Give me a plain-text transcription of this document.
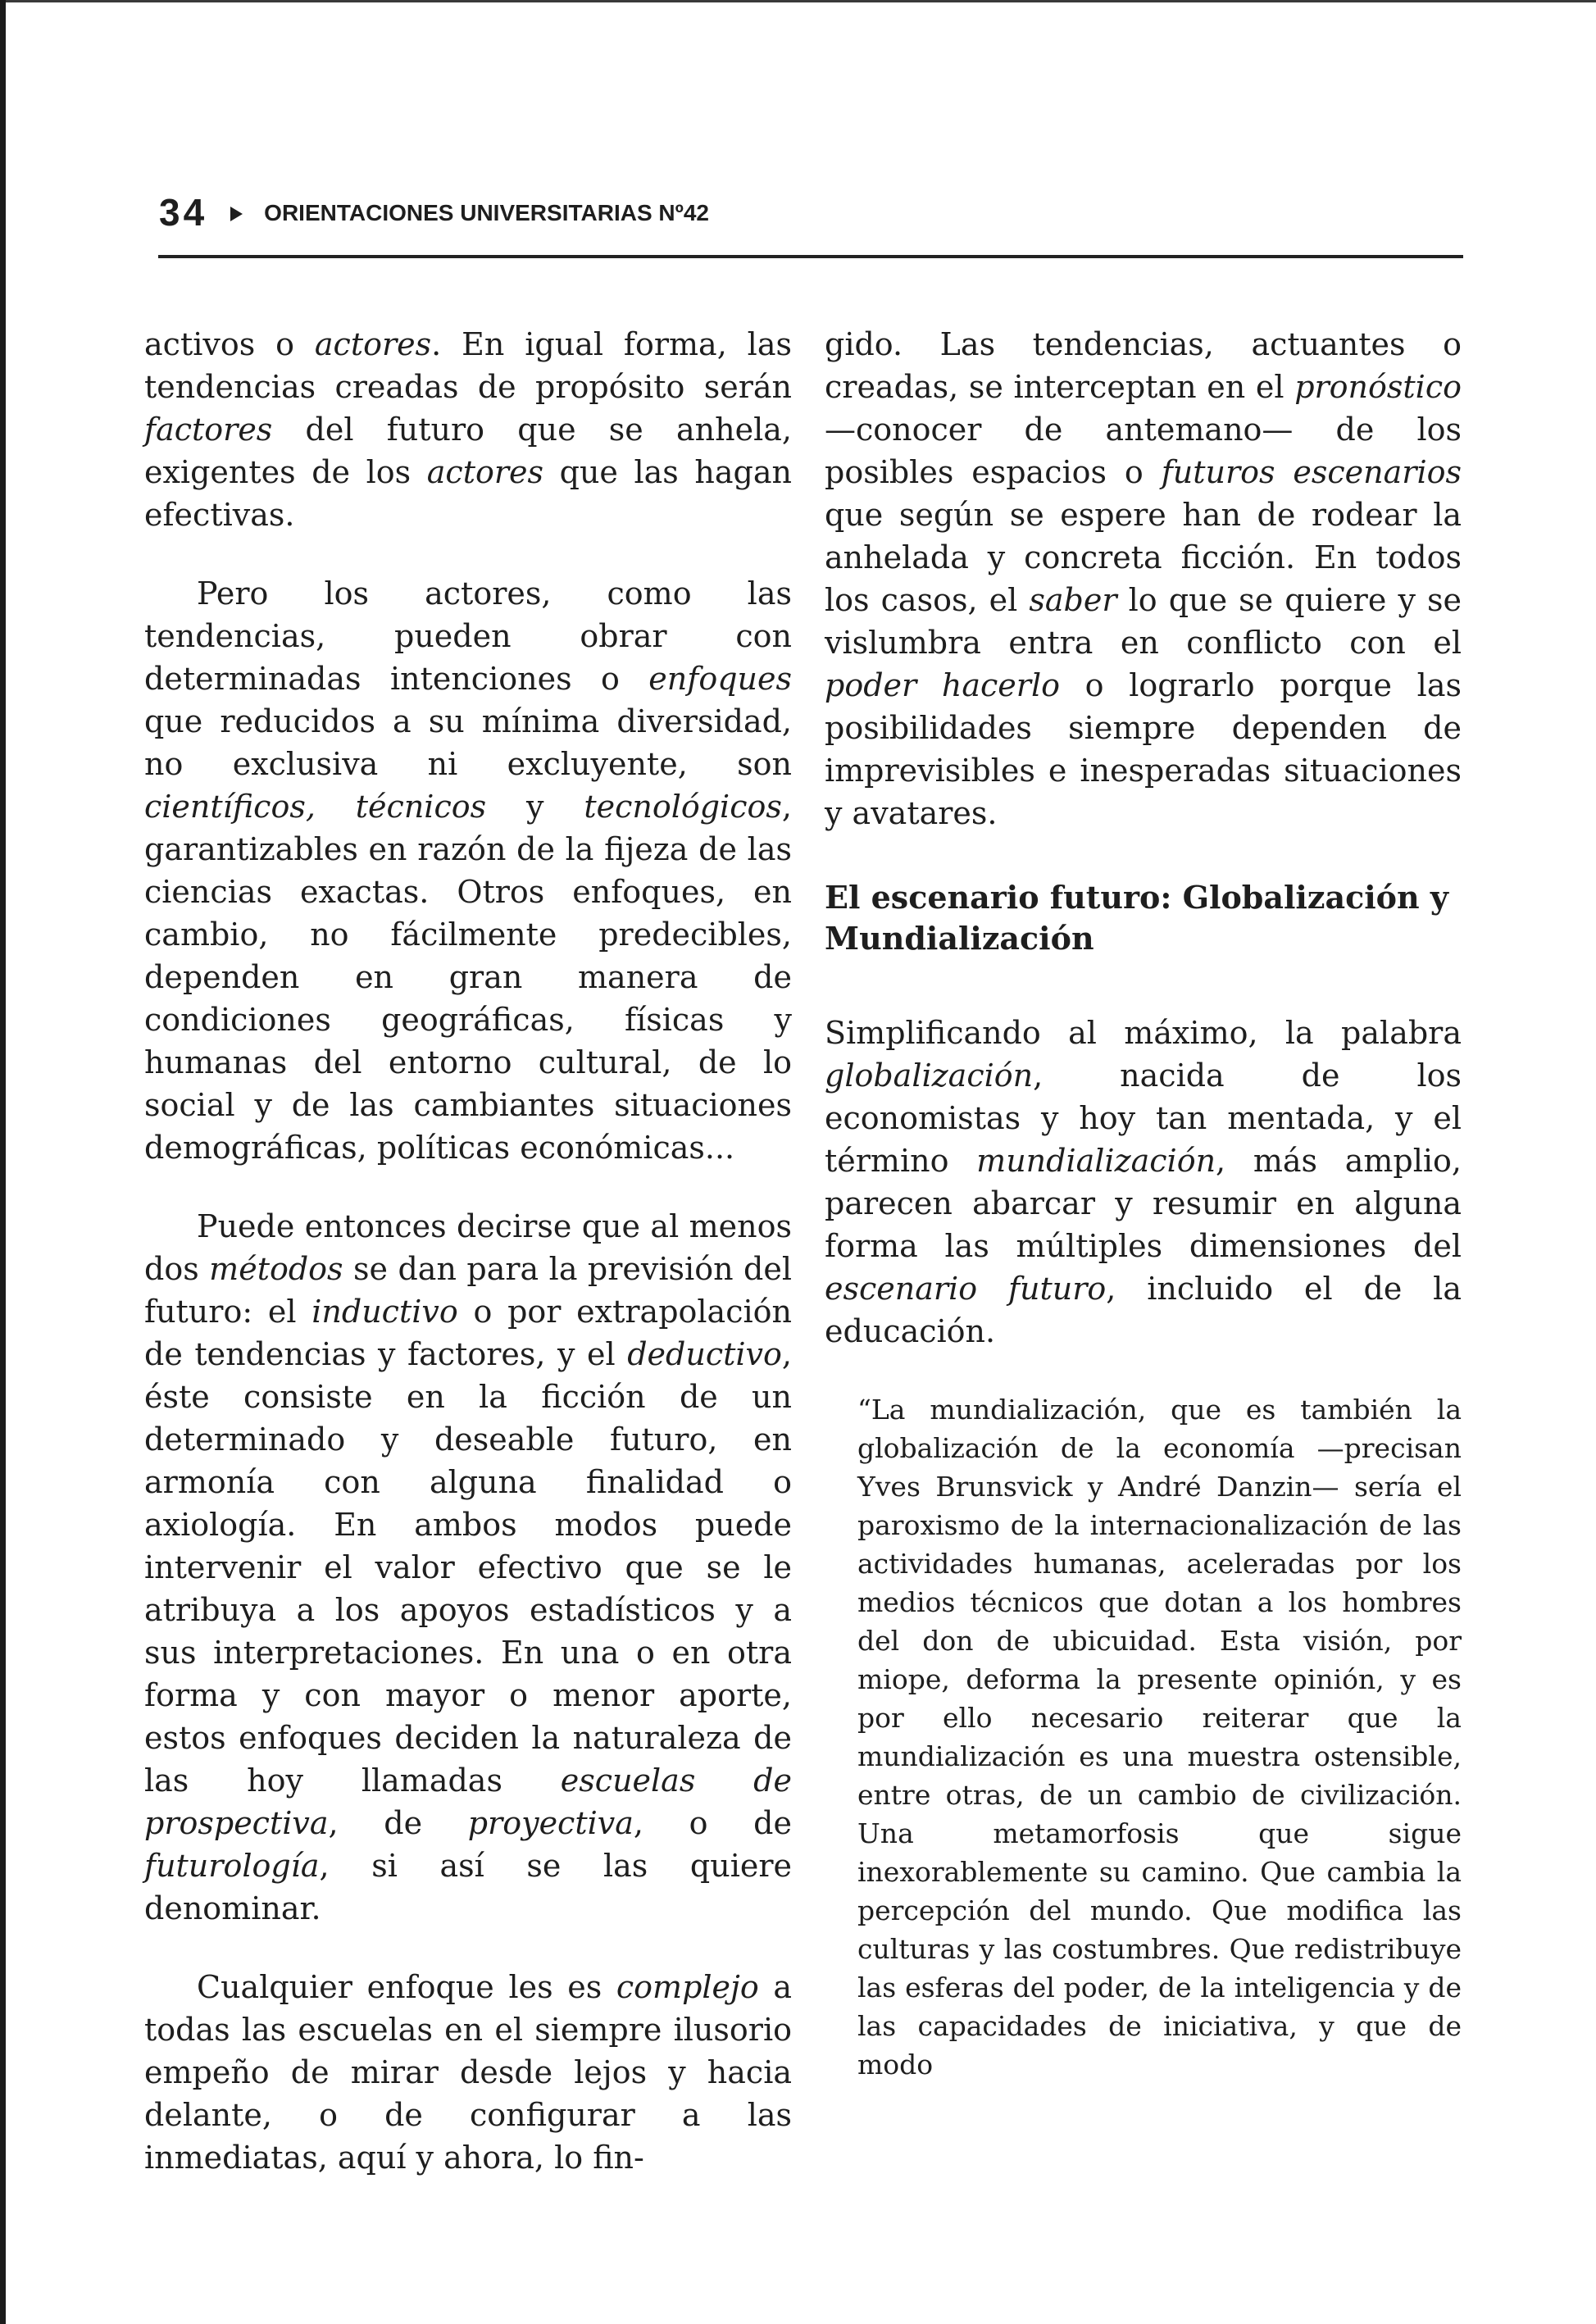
34 ORIENTACIONES UNIVERSITARIAS Nº42

activos o actores. En igual forma, las tendencias creadas de propósito serán factores del futuro que se anhela, exigentes de los actores que las hagan efectivas.

Pero los actores, como las tendencias, pueden obrar con determinadas intenciones o enfoques que reducidos a su mínima diversidad, no exclusiva ni excluyente, son científicos, técnicos y tecnológicos, garantizables en razón de la fijeza de las ciencias exactas. Otros enfoques, en cambio, no fácilmente predecibles, dependen en gran manera de condiciones geográficas, físicas y humanas del entorno cultural, de lo social y de las cambiantes situaciones demográficas, políticas económicas...

Puede entonces decirse que al menos dos métodos se dan para la previsión del futuro: el inductivo o por extrapolación de tendencias y factores, y el deductivo, éste consiste en la ficción de un determinado y deseable futuro, en armonía con alguna finalidad o axiología. En ambos modos puede intervenir el valor efectivo que se le atribuya a los apoyos estadísticos y a sus interpretaciones. En una o en otra forma y con mayor o menor aporte, estos enfoques deciden la naturaleza de las hoy llamadas escuelas de prospectiva, de proyectiva, o de futurología, si así se las quiere denominar.

Cualquier enfoque les es complejo a todas las escuelas en el siempre ilusorio empeño de mirar desde lejos y hacia delante, o de configurar a las inmediatas, aquí y ahora, lo fin-

gido. Las tendencias, actuantes o creadas, se interceptan en el pronóstico —conocer de antemano— de los posibles espacios o futuros escenarios que según se espere han de rodear la anhelada y concreta ficción. En todos los casos, el saber lo que se quiere y se vislumbra entra en conflicto con el poder hacerlo o lograrlo porque las posibilidades siempre dependen de imprevisibles e inesperadas situaciones y avatares.

El escenario futuro: Globalización y Mundialización

Simplificando al máximo, la palabra globalización, nacida de los economistas y hoy tan mentada, y el término mundialización, más amplio, parecen abarcar y resumir en alguna forma las múltiples dimensiones del escenario futuro, incluido el de la educación.

“La mundialización, que es también la globalización de la economía —precisan Yves Brunsvick y André Danzin— sería el paroxismo de la internacionalización de las actividades humanas, aceleradas por los medios técnicos que dotan a los hombres del don de ubicuidad. Esta visión, por miope, deforma la presente opinión, y es por ello necesario reiterar que la mundialización es una muestra ostensible, entre otras, de un cambio de civilización. Una metamorfosis que sigue inexorablemente su camino. Que cambia la percepción del mundo. Que modifica las culturas y las costumbres. Que redistribuye las esferas del poder, de la inteligencia y de las capacidades de iniciativa, y que de modo
